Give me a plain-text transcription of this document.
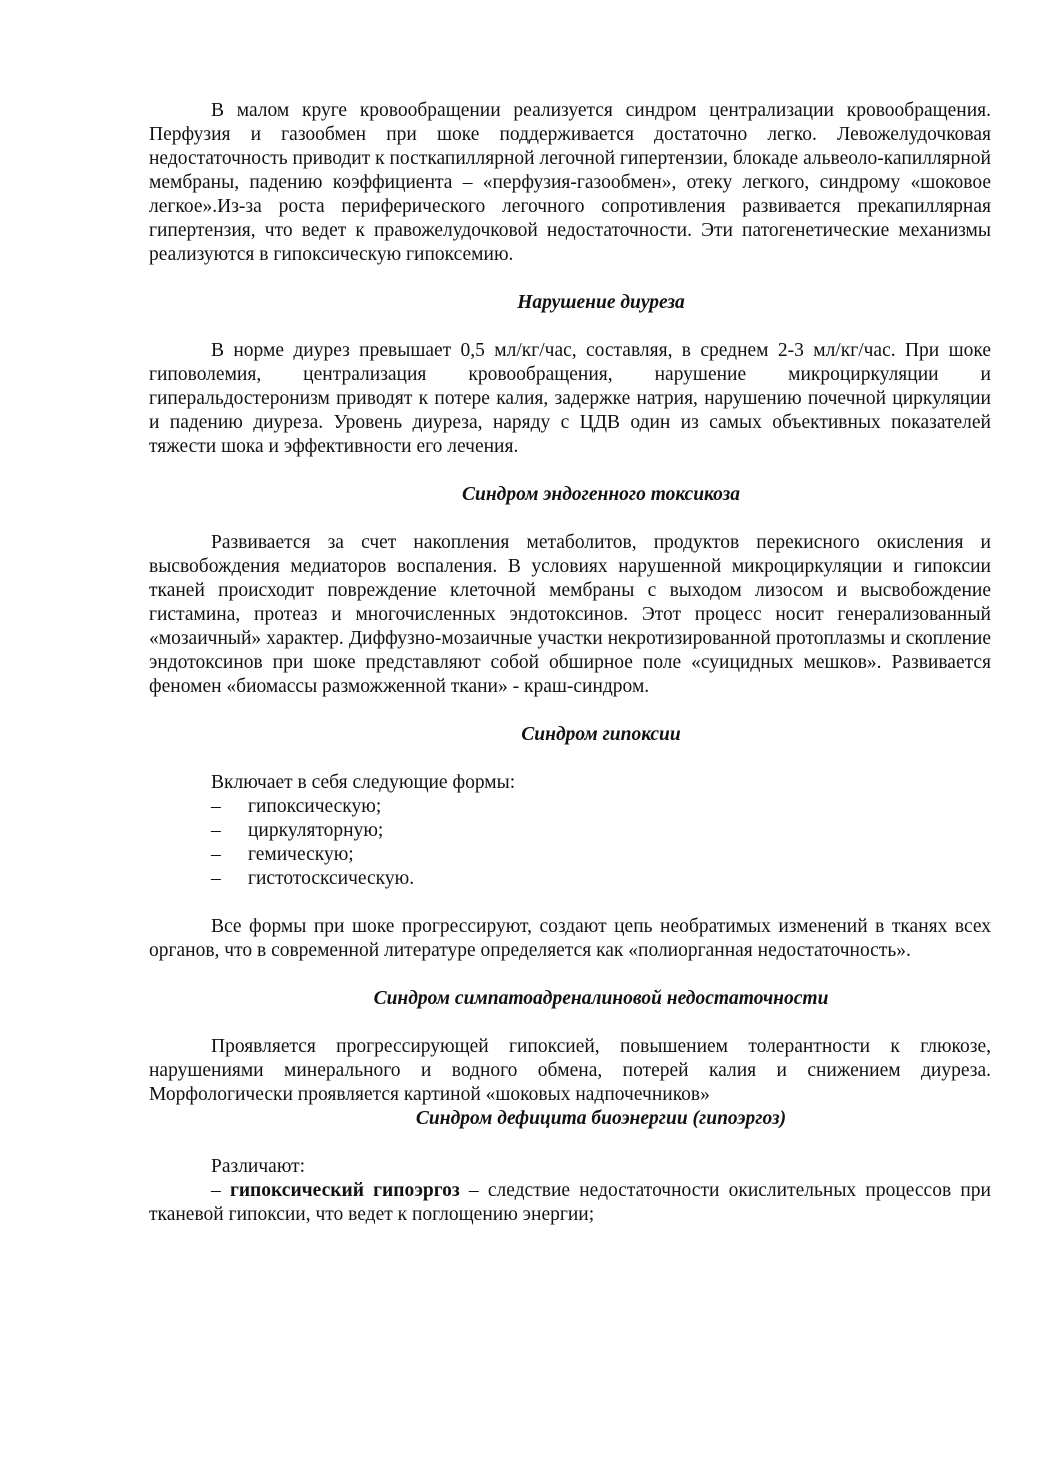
В малом круге кровообращении реализуется синдром централизации кровообращения. Перфузия и газообмен при шоке поддерживается достаточно легко. Левожелудочковая недостаточность приводит к посткапиллярной легочной гипертензии, блокаде альвеоло-капиллярной мембраны, падению коэффициента – «перфузия-газообмен», отеку легкого, синдрому «шоковое легкое».Из-за роста периферического легочного сопротивления развивается прекапиллярная гипертензия, что ведет к правожелудочковой недостаточности. Эти патогенетические механизмы реализуются в гипоксическую гипоксемию.

Нарушение диуреза

В норме диурез превышает 0,5 мл/кг/час, составляя, в среднем 2-3 мл/кг/час. При шоке гиповолемия, централизация кровообращения, нарушение микроциркуляции и гиперальдостеронизм приводят к потере калия, задержке натрия, нарушению почечной циркуляции и падению диуреза. Уровень диуреза, наряду с ЦДВ один из самых объективных показателей тяжести шока и эффективности его лечения.

Синдром эндогенного токсикоза

Развивается за счет накопления метаболитов, продуктов перекисного окисления и высвобождения медиаторов воспаления. В условиях нарушенной микроциркуляции и гипоксии тканей происходит повреждение клеточной мембраны с выходом лизосом и высвобождение гистамина, протеаз и многочисленных эндотоксинов. Этот процесс носит генерализованный «мозаичный» характер. Диффузно-мозаичные участки некротизированной протоплазмы и скопление эндотоксинов при шоке представляют собой обширное поле «суицидных мешков». Развивается феномен «биомассы разможженной ткани» - краш-синдром.

Синдром гипоксии

Включает в себя следующие формы:

– гипоксическую;
– циркуляторную;
– гемическую;
– гистотосксическую.

Все формы при шоке прогрессируют, создают цепь необратимых изменений в тканях всех органов, что в современной литературе определяется как «полиорганная недостаточность».

Синдром симпатоадреналиновой недостаточности

Проявляется прогрессирующей гипоксией, повышением толерантности к глюкозе, нарушениями минерального и водного обмена, потерей калия и снижением диуреза. Морфологически проявляется картиной «шоковых надпочечников»

Синдром дефицита биоэнергии (гипоэргоз)

Различают:

– гипоксический гипоэргоз – следствие недостаточности окислительных процессов при тканевой гипоксии, что ведет к поглощению энергии;
